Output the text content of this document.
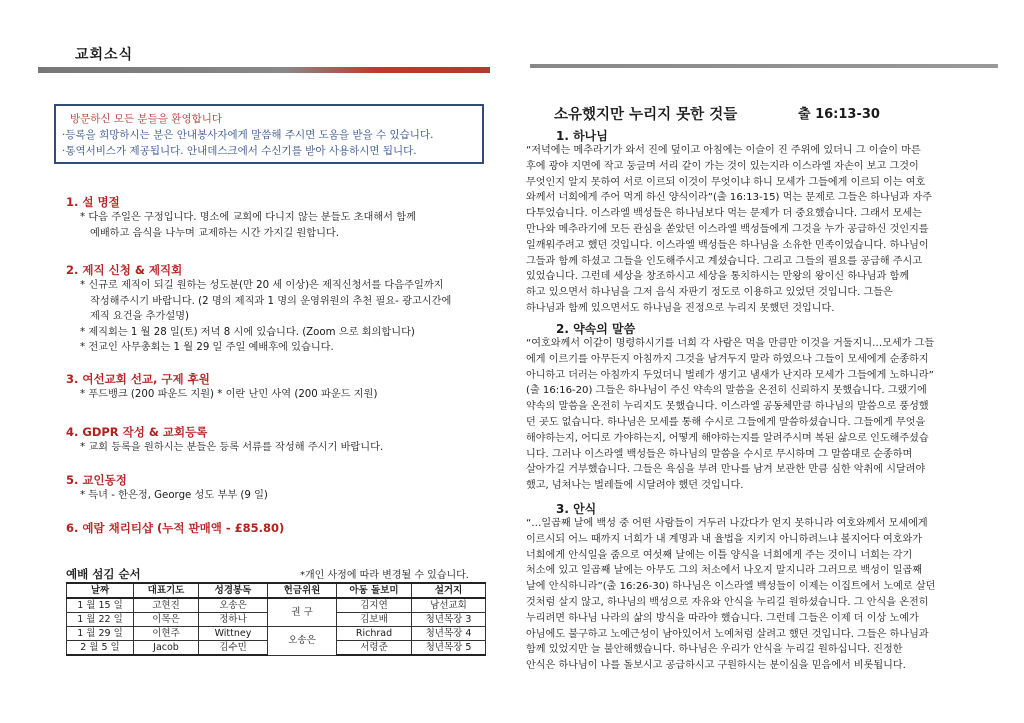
교회소식
방문하신 모든 분들을 환영합니다
·등록을 희망하시는 분은 안내봉사자에게 말씀해 주시면 도움을 받을 수 있습니다.
·통역서비스가 제공됩니다. 안내데스크에서 수신기를 받아 사용하시면 됩니다.
1. 설 명절
* 다음 주일은 구정입니다. 명소에 교회에 다니지 않는 분들도 초대해서 함께
예배하고 음식을 나누며 교제하는 시간 가지길 원합니다.
2. 제직 신청 & 제직회
* 신규로 제직이 되길 원하는 성도분(만 20 세 이상)은 제직신청서를 다음주일까지
작성해주시기 바랍니다. (2 명의 제직과 1 명의 운영위원의 추천 필요- 광고시간에
제직 요건을 추가설명)
* 제직회는 1 월 28 일(토) 저녁 8 시에 있습니다. (Zoom 으로 회의합니다)
* 전교인 사무총회는 1 월 29 일 주일 예배후에 있습니다.
3. 여선교회 선교, 구제 후원
* 푸드뱅크 (200 파운드 지원) * 이란 난민 사역 (200 파운드 지원)
4. GDPR 작성 & 교회등록
* 교회 등록을 원하시는 분들은 등록 서류를 작성해 주시기 바랍니다.
5. 교인동정
* 득녀 - 한은정, George 성도 부부 (9 일)
6. 예람 채리티샵 (누적 판매액 - £85.80)
예배 섬김 순서	*개인 사정에 따라 변경될 수 있습니다.
날짜	대표기도	성경봉독	헌금위원	아동 돌보미	설거지
1 월 15 일	고현진	오송은	권 구	김지연	남선교회
1 월 22 일	이목은	정하나		김보배	청년목장 3
1 월 29 일	이현주	Wittney	오송은	Richrad	청년목장 4
2 월 5 일	Jacob	김수민		서령준	청년목장 5
소유했지만 누리지 못한 것들	출 16:13-30
1. 하나님
“저녁에는 메추라기가 와서 진에 덮이고 아침에는 이슬이 진 주위에 있더니 그 이슬이 마른
후에 광야 지면에 작고 둥글며 서리 같이 가는 것이 있는지라 이스라엘 자손이 보고 그것이
무엇인지 알지 못하여 서로 이르되 이것이 무엇이냐 하니 모세가 그들에게 이르되 이는 여호
와께서 너희에게 주어 먹게 하신 양식이라”(출 16:13-15) 먹는 문제로 그들은 하나님과 자주
다투었습니다. 이스라엘 백성들은 하나님보다 먹는 문제가 더 중요했습니다. 그래서 모세는
만나와 메추라기에 모든 관심을 쏟았던 이스라엘 백성들에게 그것을 누가 공급하신 것인지를
일깨워주려고 했던 것입니다. 이스라엘 백성들은 하나님을 소유한 민족이었습니다. 하나님이
그들과 함께 하셨고 그들을 인도해주시고 계셨습니다. 그리고 그들의 필요를 공급해 주시고
있었습니다. 그런데 세상을 창조하시고 세상을 통치하시는 만왕의 왕이신 하나님과 함께
하고 있으면서 하나님을 그저 음식 자판기 정도로 이용하고 있었던 것입니다. 그들은
하나님과 함께 있으면서도 하나님을 진정으로 누리지 못했던 것입니다.
2. 약속의 말씀
“여호와께서 이같이 명령하시기를 너희 각 사람은 먹을 만큼만 이것을 거둘지니…모세가 그들
에게 이르기를 아무든지 아침까지 그것을 남겨두지 말라 하였으나 그들이 모세에게 순종하지
아니하고 더러는 아침까지 두었더니 벌레가 생기고 냄새가 난지라 모세가 그들에게 노하니라”
(출 16:16-20) 그들은 하나님이 주신 약속의 말씀을 온전히 신뢰하지 못했습니다. 그랬기에
약속의 말씀을 온전히 누리지도 못했습니다. 이스라엘 공동체만큼 하나님의 말씀으로 풍성했
던 곳도 없습니다. 하나님은 모세를 통해 수시로 그들에게 말씀하셨습니다. 그들에게 무엇을
해야하는지, 어디로 가야하는지, 어떻게 해야하는지를 알려주시며 복된 삶으로 인도해주셨습
니다. 그러나 이스라엘 백성들은 하나님의 말씀을 수시로 무시하며 그 말씀대로 순종하며
살아가길 거부했습니다. 그들은 욕심을 부려 만나를 남겨 보관한 만큼 심한 악취에 시달려야
했고, 넘쳐나는 벌레들에 시달려야 했던 것입니다.
3. 안식
“…일곱째 날에 백성 중 어떤 사람들이 거두러 나갔다가 얻지 못하니라 여호와께서 모세에게
이르시되 어느 때까지 너희가 내 계명과 내 율법을 지키지 아니하려느냐 볼지어다 여호와가
너희에게 안식일을 줌으로 여섯째 날에는 이틀 양식을 너희에게 주는 것이니 너희는 각기
처소에 있고 일곱째 날에는 아무도 그의 처소에서 나오지 말지니라 그러므로 백성이 일곱째
날에 안식하니라”(출 16:26-30) 하나님은 이스라엘 백성들이 이제는 이집트에서 노예로 살던
것처럼 살지 않고, 하나님의 백성으로 자유와 안식을 누리길 원하셨습니다. 그 안식을 온전히
누리려면 하나님 나라의 삶의 방식을 따라야 했습니다. 그런데 그들은 이제 더 이상 노예가
아님에도 불구하고 노예근성이 남아있어서 노예처럼 살려고 했던 것입니다. 그들은 하나님과
함께 있었지만 늘 불안해했습니다. 하나님은 우리가 안식을 누리길 원하십니다. 진정한
안식은 하나님이 나를 돌보시고 공급하시고 구원하시는 분이심을 믿음에서 비롯됩니다.
